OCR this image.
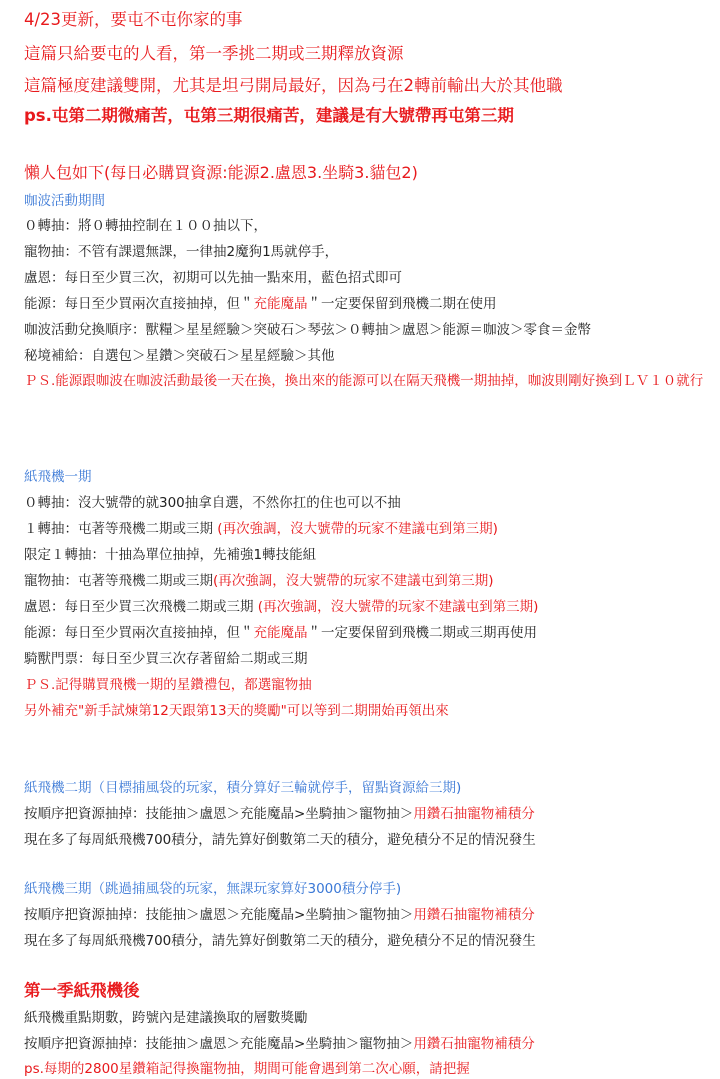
4/23更新，要屯不屯你家的事
這篇只給要屯的人看，第一季挑二期或三期釋放資源
這篇極度建議雙開，尤其是坦弓開局最好，因為弓在2轉前輸出大於其他職
ps.屯第二期微痛苦，屯第三期很痛苦，建議是有大號帶再屯第三期
懶人包如下(每日必購買資源:能源2.盧恩3.坐騎3.貓包2)
咖波活動期間
０轉抽：將０轉抽控制在１００抽以下，
寵物抽：不管有課還無課，一律抽2魔狗1馬就停手，
盧恩：每日至少買三次，初期可以先抽一點來用，藍色招式即可
能源：每日至少買兩次直接抽掉，但＂充能魔晶＂一定要保留到飛機二期在使用
咖波活動兌換順序：獸糧＞星星經驗＞突破石＞琴弦＞０轉抽＞盧恩＞能源＝咖波＞零食＝金幣
秘境補給：自選包＞星鑽＞突破石＞星星經驗＞其他
ＰＳ.能源跟咖波在咖波活動最後一天在換，換出來的能源可以在隔天飛機一期抽掉，咖波則剛好換到ＬＶ１０就行
紙飛機一期
０轉抽：沒大號帶的就300抽拿自選，不然你扛的住也可以不抽
１轉抽：屯著等飛機二期或三期 (再次強調，沒大號帶的玩家不建議屯到第三期)
限定１轉抽：十抽為單位抽掉，先補強1轉技能組
寵物抽：屯著等飛機二期或三期(再次強調，沒大號帶的玩家不建議屯到第三期)
盧恩：每日至少買三次飛機二期或三期 (再次強調，沒大號帶的玩家不建議屯到第三期)
能源：每日至少買兩次直接抽掉，但＂充能魔晶＂一定要保留到飛機二期或三期再使用
騎獸門票：每日至少買三次存著留給二期或三期
ＰＳ.記得購買飛機一期的星鑽禮包，都選寵物抽
另外補充"新手試煉第12天跟第13天的獎勵"可以等到二期開始再領出來
紙飛機二期（目標捕風袋的玩家，積分算好三輪就停手，留點資源給三期)
按順序把資源抽掉：技能抽＞盧恩＞充能魔晶>坐騎抽＞寵物抽＞用鑽石抽寵物補積分
現在多了每周紙飛機700積分，請先算好倒數第二天的積分，避免積分不足的情況發生
紙飛機三期（跳過捕風袋的玩家，無課玩家算好3000積分停手)
按順序把資源抽掉：技能抽＞盧恩＞充能魔晶>坐騎抽＞寵物抽＞用鑽石抽寵物補積分
現在多了每周紙飛機700積分，請先算好倒數第二天的積分，避免積分不足的情況發生
第一季紙飛機後
紙飛機重點期數，跨號內是建議換取的層數獎勵
按順序把資源抽掉：技能抽＞盧恩＞充能魔晶>坐騎抽＞寵物抽＞用鑽石抽寵物補積分
ps.每期的2800星鑽箱記得換寵物抽，期間可能會遇到第二次心願，請把握
